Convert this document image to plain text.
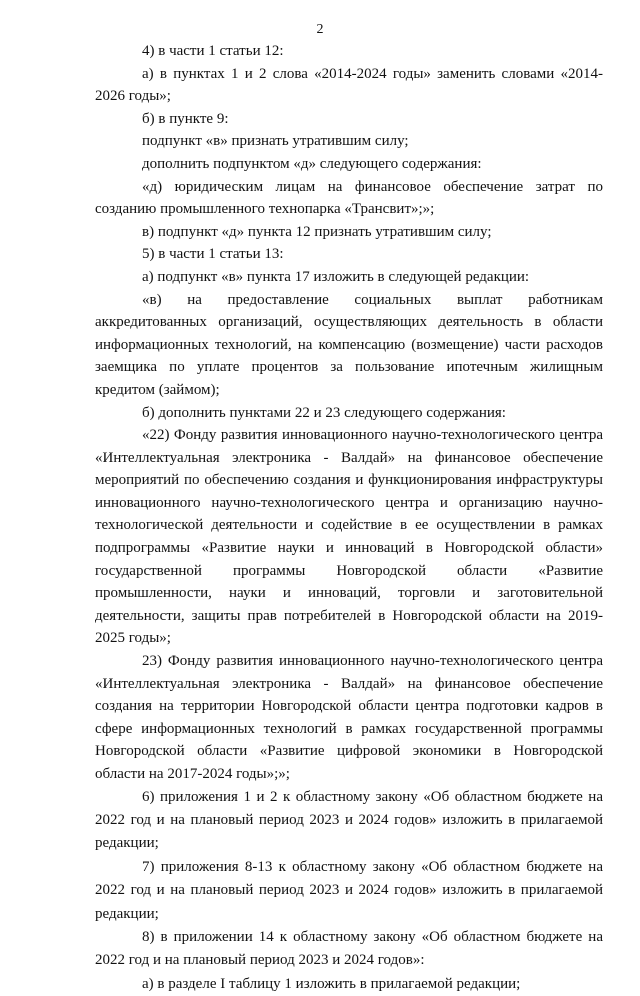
2

4) в части 1 статьи 12:

а) в пунктах 1 и 2 слова «2014-2024 годы» заменить словами «2014-2026 годы»;

б) в пункте 9:

подпункт «в» признать утратившим силу;

дополнить подпунктом «д» следующего содержания:

«д) юридическим лицам на финансовое обеспечение затрат по созданию промышленного технопарка «Трансвит»;»;

в) подпункт «д» пункта 12 признать утратившим силу;

5) в части 1 статьи 13:

а) подпункт «в» пункта 17 изложить в следующей редакции:

«в) на предоставление социальных выплат работникам аккредитованных организаций, осуществляющих деятельность в области информационных технологий, на компенсацию (возмещение) части расходов заемщика по уплате процентов за пользование ипотечным жилищным кредитом (займом);

б) дополнить пунктами 22 и 23 следующего содержания:

«22) Фонду развития инновационного научно-технологического центра «Интеллектуальная электроника - Валдай» на финансовое обеспечение мероприятий по обеспечению создания и функционирования инфраструктуры инновационного научно-технологического центра и организацию научно-технологической деятельности и содействие в ее осуществлении в рамках подпрограммы «Развитие науки и инноваций в Новгородской области» государственной программы Новгородской области «Развитие промышленности, науки и инноваций, торговли и заготовительной деятельности, защиты прав потребителей в Новгородской области на 2019-2025 годы»;

23) Фонду развития инновационного научно-технологического центра «Интеллектуальная электроника - Валдай» на финансовое обеспечение создания на территории Новгородской области центра подготовки кадров в сфере информационных технологий в рамках государственной программы Новгородской области «Развитие цифровой экономики в Новгородской области на 2017-2024 годы»;»;

6) приложения 1 и 2 к областному закону «Об областном бюджете на 2022 год и на плановый период 2023 и 2024 годов» изложить в прилагаемой редакции;

7) приложения 8-13 к областному закону «Об областном бюджете на 2022 год и на плановый период 2023 и 2024 годов» изложить в прилагаемой редакции;

8) в приложении 14 к областному закону «Об областном бюджете на 2022 год и на плановый период 2023 и 2024 годов»:

а) в разделе I таблицу 1 изложить в прилагаемой редакции;
